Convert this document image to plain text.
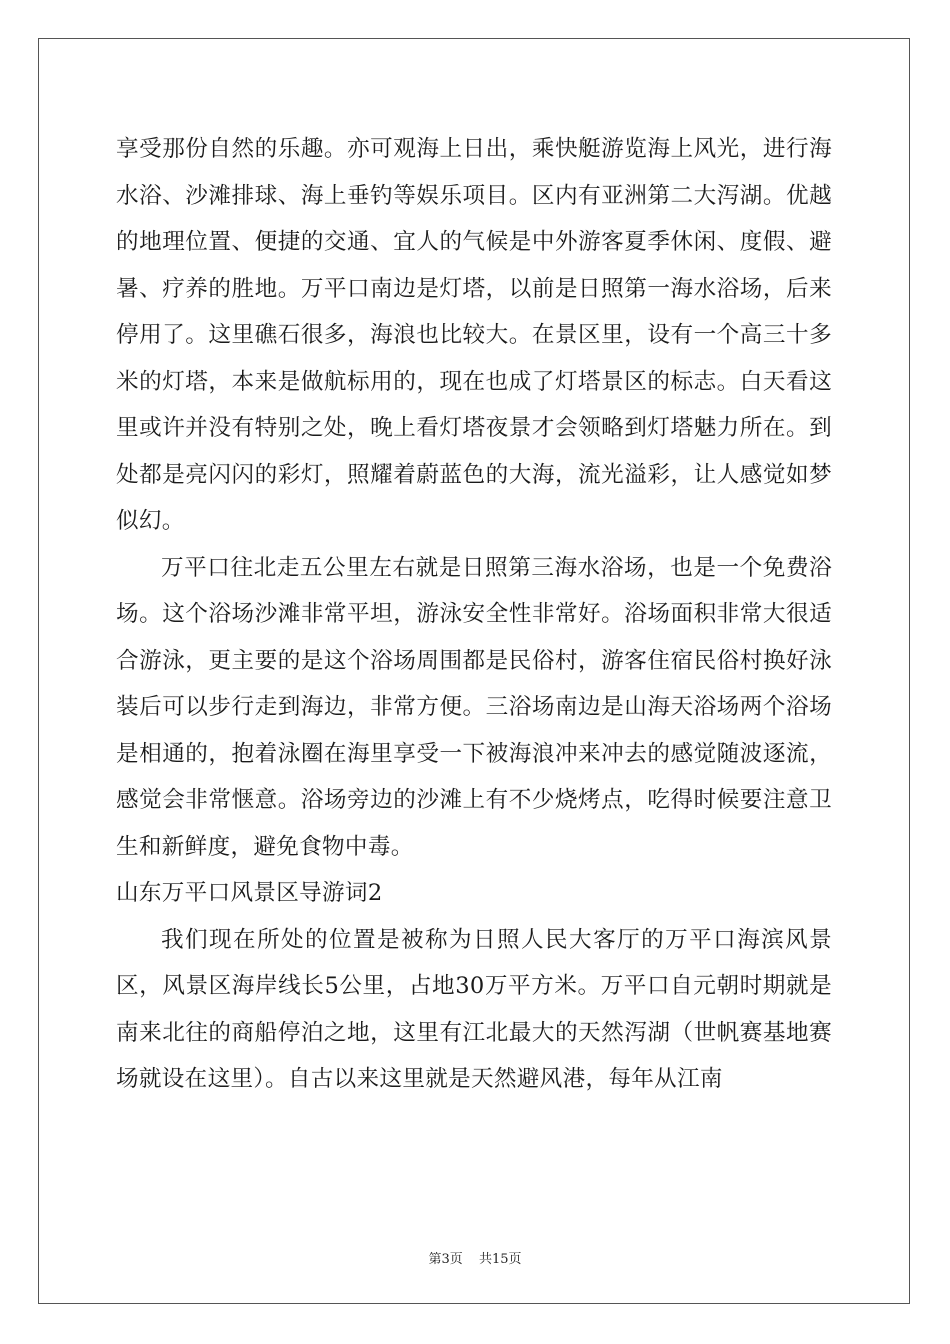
享受那份自然的乐趣。亦可观海上日出，乘快艇游览海上风光，进行海水浴、沙滩排球、海上垂钓等娱乐项目。区内有亚洲第二大泻湖。优越的地理位置、便捷的交通、宜人的气候是中外游客夏季休闲、度假、避暑、疗养的胜地。万平口南边是灯塔，以前是日照第一海水浴场，后来停用了。这里礁石很多，海浪也比较大。在景区里，设有一个高三十多米的灯塔，本来是做航标用的，现在也成了灯塔景区的标志。白天看这里或许并没有特别之处，晚上看灯塔夜景才会领略到灯塔魅力所在。到处都是亮闪闪的彩灯，照耀着蔚蓝色的大海，流光溢彩，让人感觉如梦似幻。

万平口往北走五公里左右就是日照第三海水浴场，也是一个免费浴场。这个浴场沙滩非常平坦，游泳安全性非常好。浴场面积非常大很适合游泳，更主要的是这个浴场周围都是民俗村，游客住宿民俗村换好泳装后可以步行走到海边，非常方便。三浴场南边是山海天浴场两个浴场是相通的，抱着泳圈在海里享受一下被海浪冲来冲去的感觉随波逐流，感觉会非常惬意。浴场旁边的沙滩上有不少烧烤点，吃得时候要注意卫生和新鲜度，避免食物中毒。

山东万平口风景区导游词2

我们现在所处的位置是被称为日照人民大客厅的万平口海滨风景区，风景区海岸线长5公里，占地30万平方米。万平口自元朝时期就是南来北往的商船停泊之地，这里有江北最大的天然泻湖（世帆赛基地赛场就设在这里）。自古以来这里就是天然避风港，每年从江南

第3页 共15页
